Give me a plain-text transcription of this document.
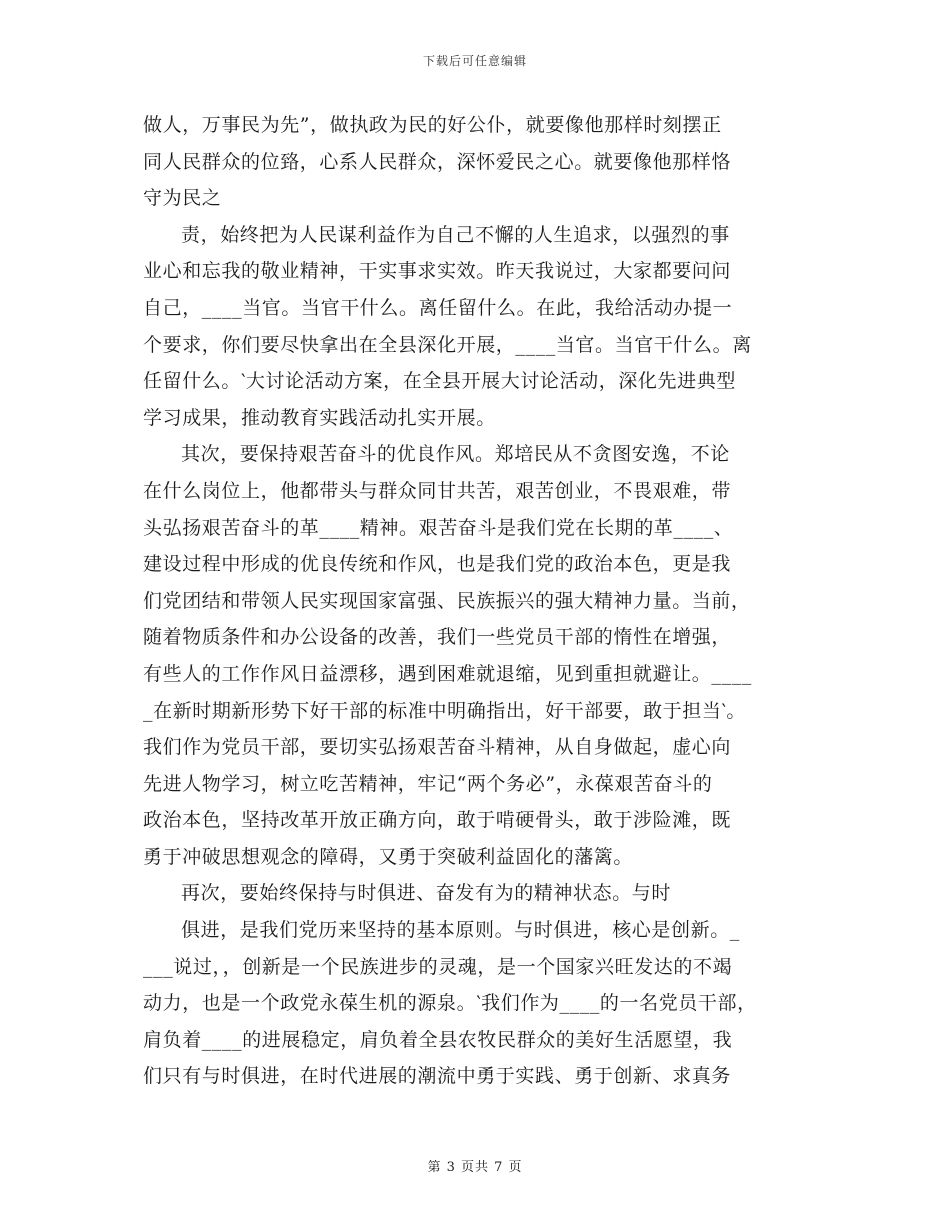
下载后可任意编辑
做人，万事民为先”，做执政为民的好公仆，就要像他那样时刻摆正
同人民群众的位臵，心系人民群众，深怀爱民之心。就要像他那样恪
守为民之
责，始终把为人民谋利益作为自己不懈的人生追求，以强烈的事
业心和忘我的敬业精神，干实事求实效。昨天我说过，大家都要问问
自己，____当官。当官干什么。离任留什么。在此，我给活动办提一
个要求，你们要尽快拿出在全县深化开展，____当官。当官干什么。离
任留什么。‵大讨论活动方案，在全县开展大讨论活动，深化先进典型
学习成果，推动教育实践活动扎实开展。
其次，要保持艰苦奋斗的优良作风。郑培民从不贪图安逸，不论
在什么岗位上，他都带头与群众同甘共苦，艰苦创业，不畏艰难，带
头弘扬艰苦奋斗的革____精神。艰苦奋斗是我们党在长期的革____、
建设过程中形成的优良传统和作风，也是我们党的政治本色，更是我
们党团结和带领人民实现国家富强、民族振兴的强大精神力量。当前，
随着物质条件和办公设备的改善，我们一些党员干部的惰性在增强，
有些人的工作作风日益漂移，遇到困难就退缩，见到重担就避让。____
_在新时期新形势下好干部的标准中明确指出，好干部要，敢于担当‵。
我们作为党员干部，要切实弘扬艰苦奋斗精神，从自身做起，虚心向
先进人物学习，树立吃苦精神，牢记“两个务必”，永葆艰苦奋斗的
政治本色，坚持改革开放正确方向，敢于啃硬骨头，敢于涉险滩，既
勇于冲破思想观念的障碍，又勇于突破利益固化的藩篱。
再次，要始终保持与时俱进、奋发有为的精神状态。与时
俱进，是我们党历来坚持的基本原则。与时俱进，核心是创新。_
___说过，，创新是一个民族进步的灵魂，是一个国家兴旺发达的不竭
动力，也是一个政党永葆生机的源泉。‵我们作为____的一名党员干部，
肩负着____的进展稳定，肩负着全县农牧民群众的美好生活愿望，我
们只有与时俱进，在时代进展的潮流中勇于实践、勇于创新、求真务
第 3 页共 7 页
